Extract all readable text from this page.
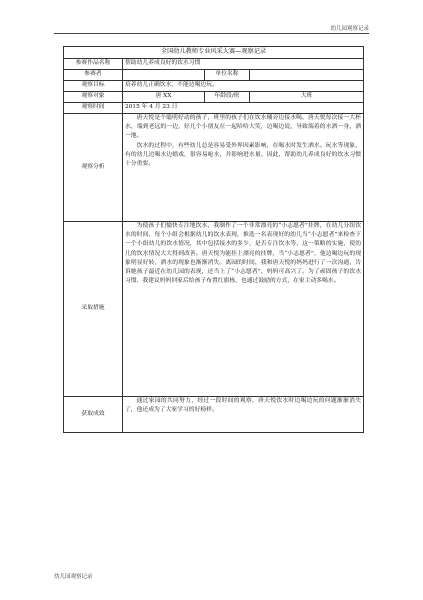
幼儿园观察记录
全国幼儿教师专业风采大赛—观察记录			
参赛作品名称	帮助幼儿养成良好的饮水习惯		
参赛者		单位名称	
观察目标	培养幼儿正确饮水，不能边喝边玩。		
观察对象	唐 XX	年龄段/班	大班
观察时间	2015 年 4 月 23 日		
观察分析	唐天悦是个聪明好动的孩子，班里的孩子们在饮水桶旁边接水喝，唐天悦每次接一大杯水，端到老远的一边，好几个小朋友在一起哈哈大笑，边喝边说，导致端着的水洒一身，洒一地。

饮水的过程中，有些幼儿总是容易受外界因素影响，在喝水时发生洒水、玩水等现象，有的幼儿边喝水边嬉戏，很容易呛水，并影响进水量。因此，帮助幼儿养成良好的饮水习惯十分重要。		

采取措施	为使孩子们愉快专注地饮水，我制作了一个非常漂亮的“小志愿者”挂牌，在幼儿分组饮水的时间，每个小组会根据幼儿的饮水表现，推选一名表现好的幼儿当“小志愿者”来检查下一个小组幼儿的饮水情况，其中包括接水的多少，是否专注饮水等，这一策略的实施，使幼儿的饮水情况大大得到改善。唐天悦为能挂上漂亮的挂牌，当“小志愿者”，他边喝边玩的现象明显好转，洒水的现象也渐渐消失。离园的时间，我和唐天悦的妈妈进行了一次沟通，告诉她孩子最近在幼儿园的表现，还当上了“小志愿者”，妈妈可高兴了。为了顽固孩子的饮水习惯，我建议妈妈回家后给孩子布置红旗栋，也通过鼓励的方式，在家主动多喝水。		

获取成效	通过家园的共同努力，经过一段时间的观察，唐天悦饮水时边喝边玩的问题渐渐消失了，他还成为了大家学习的好榜样。		

幼儿园观察记录
